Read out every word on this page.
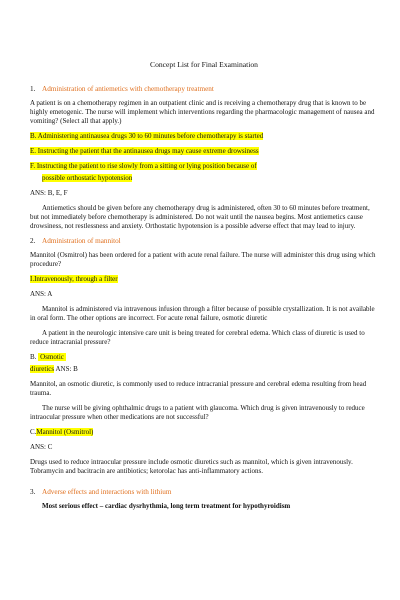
Concept List for Final Examination
1. Administration of antiemetics with chemotherapy treatment

A patient is on a chemotherapy regimen in an outpatient clinic and is receiving a chemotherapy drug that is known to be highly emetogenic. The nurse will implement which interventions regarding the pharmacologic management of nausea and vomiting? (Select all that apply.)

B. Administering antinausea drugs 30 to 60 minutes before chemotherapy is started
E. Instructing the patient that the antinausea drugs may cause extreme drowsiness
F. Instructing the patient to rise slowly from a sitting or lying position because of
possible orthostatic hypotension

ANS: B, E, F

Antiemetics should be given before any chemotherapy drug is administered, often 30 to 60 minutes before treatment, but not immediately before chemotherapy is administered. Do not wait until the nausea begins. Most antiemetics cause drowsiness, not restlessness and anxiety. Orthostatic hypotension is a possible adverse effect that may lead to injury.

2. Administration of mannitol

Mannitol (Osmitrol) has been ordered for a patient with acute renal failure. The nurse will administer this drug using which procedure?

I.Intravenously, through a filter

ANS: A

Mannitol is administered via intravenous infusion through a filter because of possible crystallization. It is not available in oral form. The other options are incorrect. For acute renal failure, osmotic diuretic

A patient in the neurologic intensive care unit is being treated for cerebral edema. Which class of diuretic is used to reduce intracranial pressure?

B. Osmotic
diuretics ANS: B

Mannitol, an osmotic diuretic, is commonly used to reduce intracranial pressure and cerebral edema resulting from head trauma.

The nurse will be giving ophthalmic drugs to a patient with glaucoma. Which drug is given intravenously to reduce intraocular pressure when other medications are not successful?

C.Mannitol (Osmitrol)

ANS: C

Drugs used to reduce intraocular pressure include osmotic diuretics such as mannitol, which is given intravenously. Tobramycin and bacitracin are antibiotics; ketorolac has anti-inflammatory actions.

3. Adverse effects and interactions with lithium

Most serious effect – cardiac dysrhythmia, long term treatment for hypothyroidism
